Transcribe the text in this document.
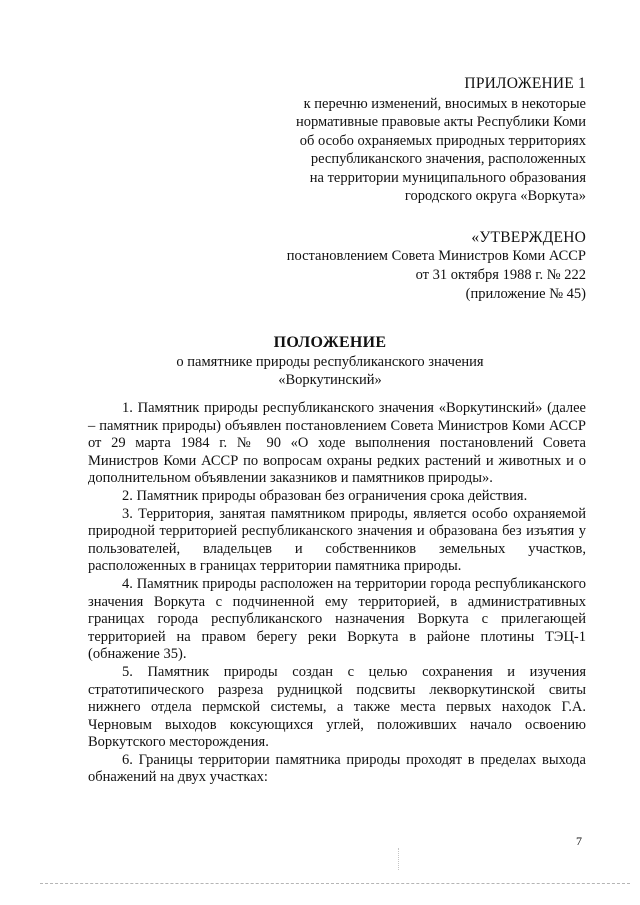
ПРИЛОЖЕНИЕ 1
к перечню изменений, вносимых в некоторые
нормативные правовые акты Республики Коми
об особо охраняемых природных территориях
республиканского значения, расположенных
на территории муниципального образования
городского округа «Воркута»
«УТВЕРЖДЕНО
постановлением Совета Министров Коми АССР
от 31 октября 1988 г. № 222
(приложение № 45)
ПОЛОЖЕНИЕ
о памятнике природы республиканского значения
«Воркутинский»

1. Памятник природы республиканского значения «Воркутинский» (далее – памятник природы) объявлен постановлением Совета Министров Коми АССР от 29 марта 1984 г. № 90 «О ходе выполнения постановлений Совета Министров Коми АССР по вопросам охраны редких растений и животных и о дополнительном объявлении заказников и памятников природы».

2. Памятник природы образован без ограничения срока действия.

3. Территория, занятая памятником природы, является особо охраняемой природной территорией республиканского значения и образована без изъятия у пользователей, владельцев и собственников земельных участков, расположенных в границах территории памятника природы.

4. Памятник природы расположен на территории города республиканского значения Воркута с подчиненной ему территорией, в административных границах города республиканского назначения Воркута с прилегающей территорией на правом берегу реки Воркута в районе плотины ТЭЦ-1 (обнажение 35).

5. Памятник природы создан с целью сохранения и изучения стратотипического разреза рудницкой подсвиты лекворкутинской свиты нижнего отдела пермской системы, а также места первых находок Г.А. Черновым выходов коксующихся углей, положивших начало освоению Воркутского месторождения.

6. Границы территории памятника природы проходят в пределах выхода обнажений на двух участках:

7
